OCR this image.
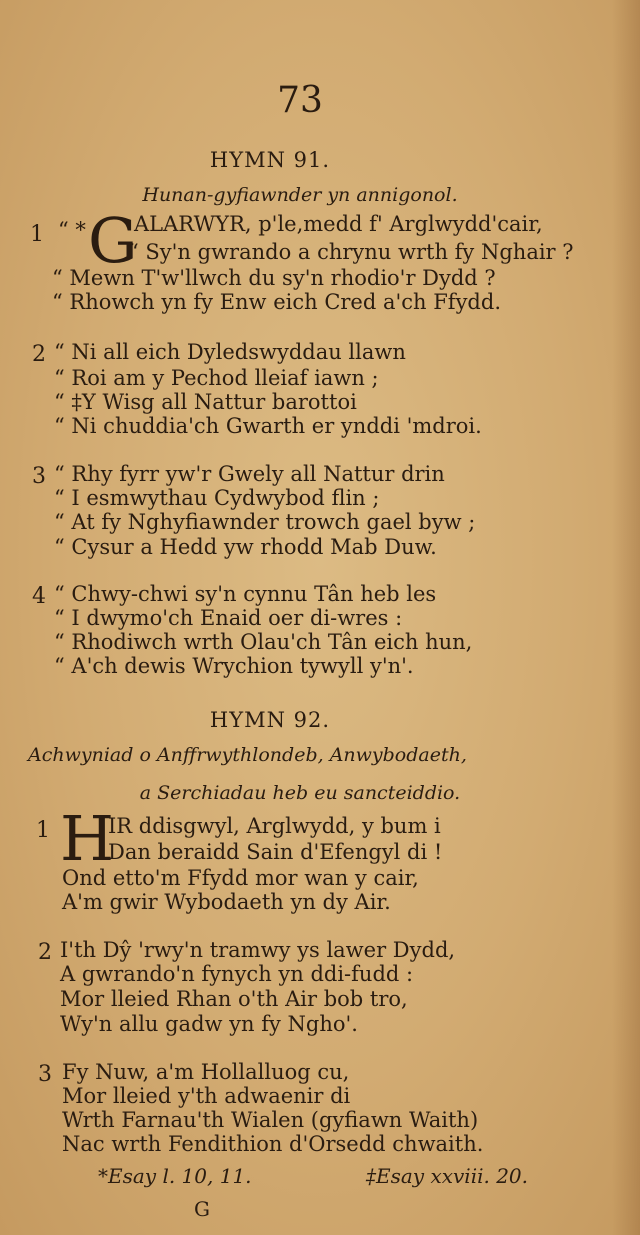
73
HYMN 91.
Hunan-gyfiawnder yn annigonol.
1 “ * G
ALARWYR, p'le,medd f' Arglwydd'cair,
“ Sy'n gwrando a chrynu wrth fy Nghair ?
“ Mewn T'w'llwch du sy'n rhodio'r Dydd ?
“ Rhowch yn fy Enw eich Cred a'ch Ffydd.
2 “ Ni all eich Dyledswyddau llawn
“ Roi am y Pechod lleiaf iawn ;
“ ‡Y Wisg all Nattur barottoi
“ Ni chuddia'ch Gwarth er ynddi 'mdroi.
3 “ Rhy fyrr yw'r Gwely all Nattur drin
“ I esmwythau Cydwybod flin ;
“ At fy Nghyfiawnder trowch gael byw ;
“ Cysur a Hedd yw rhodd Mab Duw.
4 “ Chwy-chwi sy'n cynnu Tân heb les
“ I dwymo'ch Enaid oer di-wres :
“ Rhodiwch wrth Olau'ch Tân eich hun,
“ A'ch dewis Wrychion tywyll y'n'.
HYMN 92.
Achwyniad o Anffrwythlondeb, Anwybodaeth,
a Serchiadau heb eu sancteiddio.
1 H
IR ddisgwyl, Arglwydd, y bum i
Dan beraidd Sain d'Efengyl di !
Ond etto'm Ffydd mor wan y cair,
A'm gwir Wybodaeth yn dy Air.
2 I'th Dŷ 'rwy'n tramwy ys lawer Dydd,
A gwrando'n fynych yn ddi-fudd :
Mor lleied Rhan o'th Air bob tro,
Wy'n allu gadw yn fy Ngho'.
3 Fy Nuw, a'm Hollalluog cu,
Mor lleied y'th adwaenir di
Wrth Farnau'th Wialen (gyfiawn Waith)
Nac wrth Fendithion d'Orsedd chwaith.
*Esay l. 10, 11.	‡Esay xxviii. 20.
G
